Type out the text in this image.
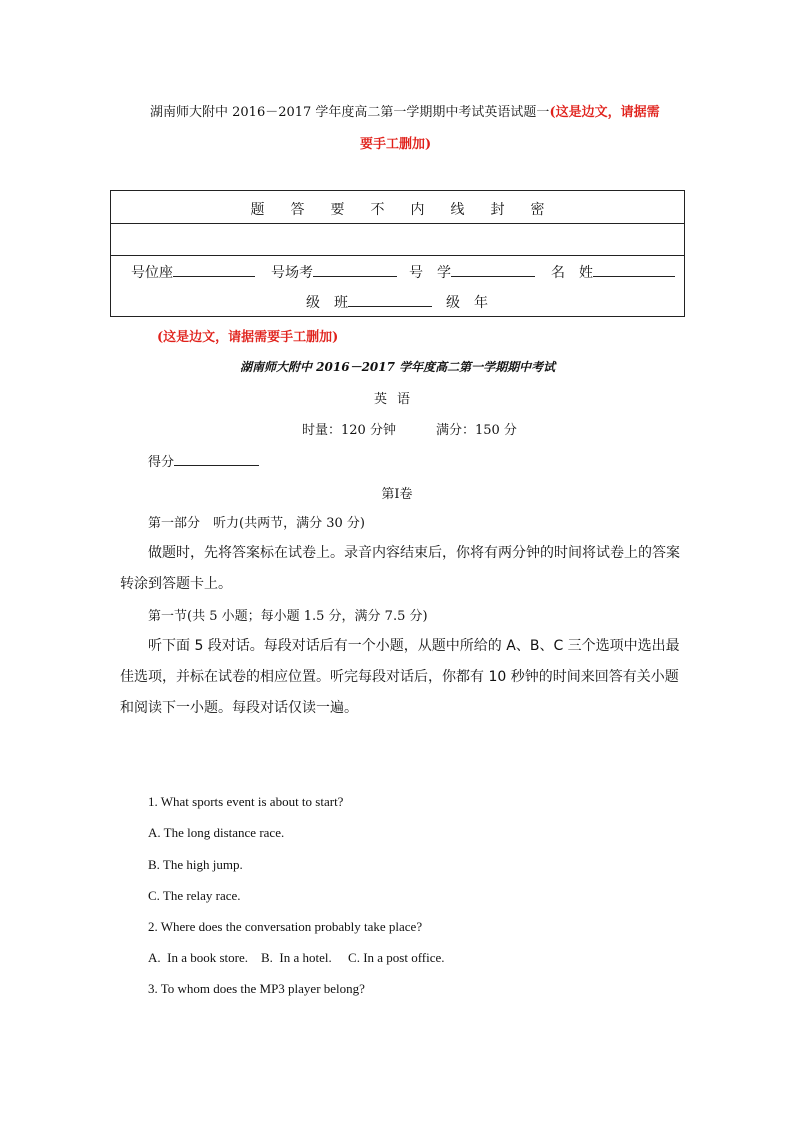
湖南师大附中 2016－2017 学年度高二第一学期期中考试英语试题一(这是边文，请据需
要手工删加)
题 答 要 不 内 线 封 密
号位座	号场考	号　学	名　姓
级　班	级　年
(这是边文，请据需要手工删加)
湖南师大附中 2016－2017 学年度高二第一学期期中考试
英语
时量：120 分钟	满分：150 分
得分
第Ⅰ卷
第一部分　听力(共两节，满分 30 分)
做题时，先将答案标在试卷上。录音内容结束后，你将有两分钟的时间将试卷上的答案转涂到答题卡上。
第一节(共 5 小题；每小题 1.5 分，满分 7.5 分)
听下面 5 段对话。每段对话后有一个小题，从题中所给的 A、B、C 三个选项中选出最佳选项，并标在试卷的相应位置。听完每段对话后，你都有 10 秒钟的时间来回答有关小题和阅读下一小题。每段对话仅读一遍。
1. What sports event is about to start?
A. The long distance race.
B. The high jump.
C. The relay race.
2. Where does the conversation probably take place?
A.  In a book store.    B.  In a hotel.     C. In a post office.
3. To whom does the MP3 player belong?
